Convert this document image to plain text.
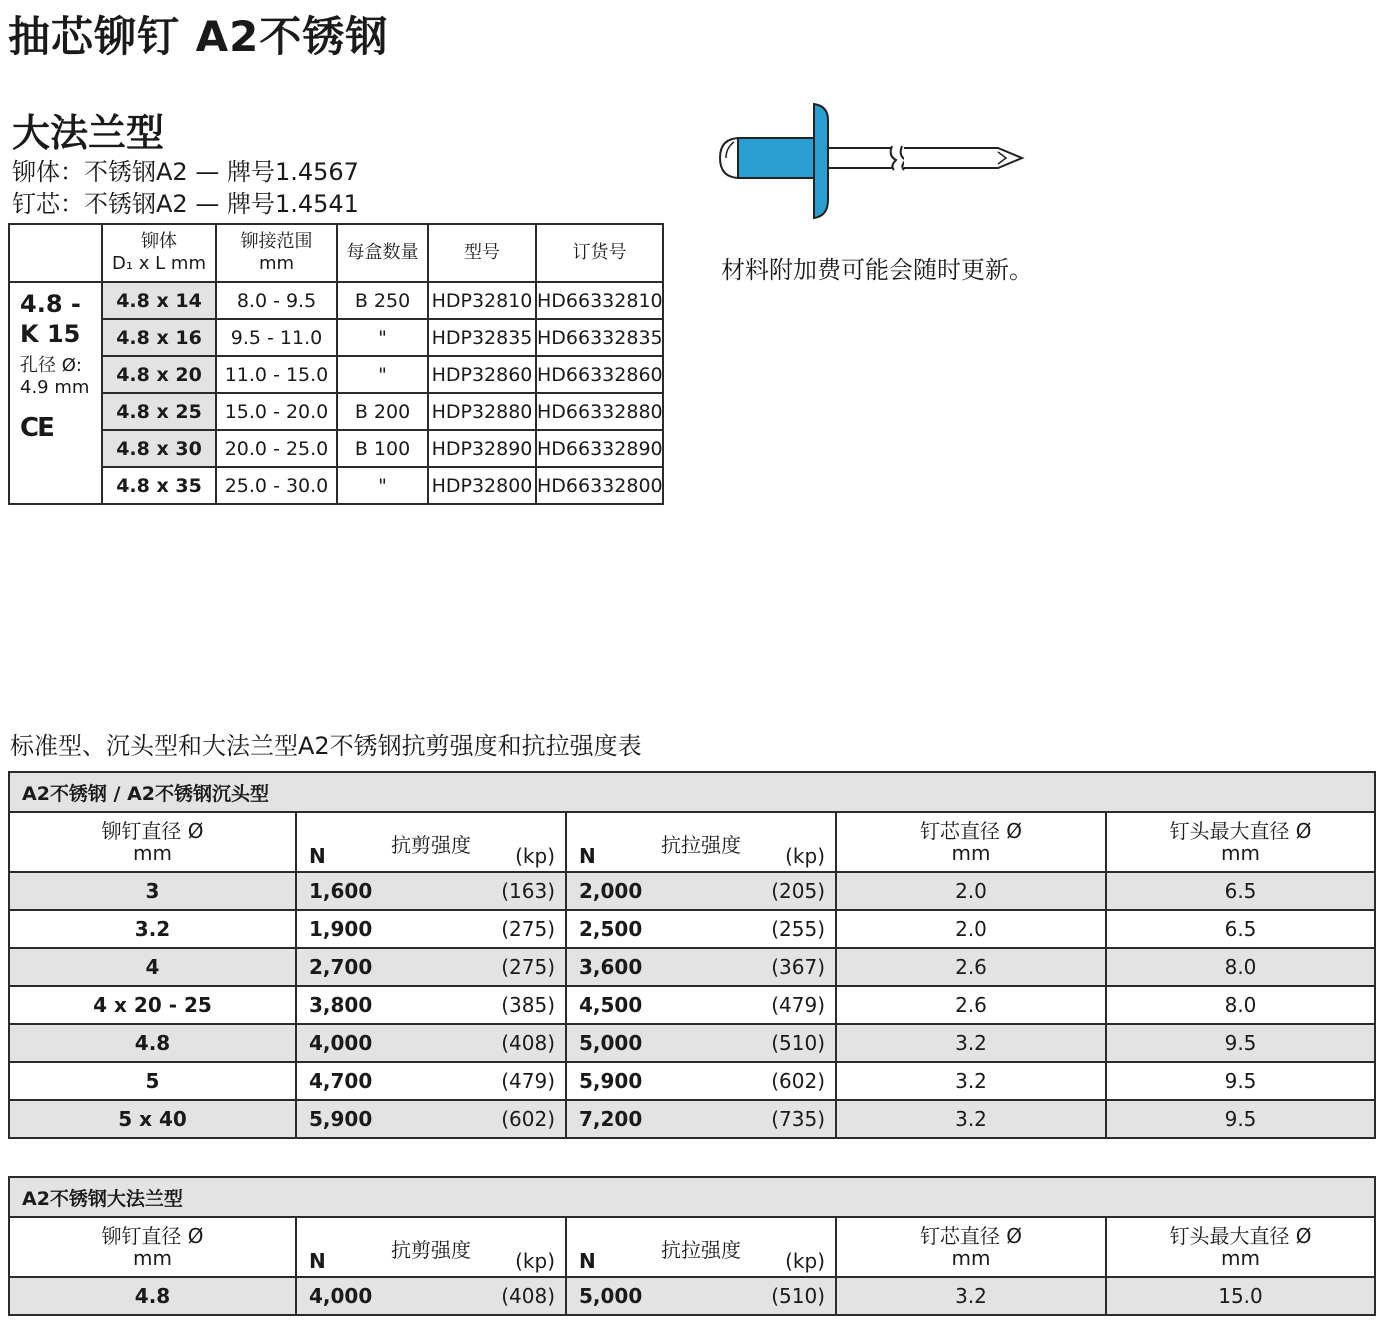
抽芯铆钉 A2不锈钢
大法兰型
铆体：不锈钢A2 — 牌号1.4567
钉芯：不锈钢A2 — 牌号1.4541
材料附加费可能会随时更新。

	铆体
D₁ x L mm	铆接范围
mm	每盒数量	型号	订货号

4.8 -
K 15
孔径 Ø:
4.9 mm
CE	4.8 x 14	8.0 - 9.5	B 250	HDP32810	HD66332810
	4.8 x 16	9.5 - 11.0	"	HDP32835	HD66332835
	4.8 x 20	11.0 - 15.0	"	HDP32860	HD66332860
	4.8 x 25	15.0 - 20.0	B 200	HDP32880	HD66332880
	4.8 x 30	20.0 - 25.0	B 100	HDP32890	HD66332890
	4.8 x 35	25.0 - 30.0	"	HDP32800	HD66332800
标准型、沉头型和大法兰型A2不锈钢抗剪强度和抗拉强度表
A2不锈钢 / A2不锈钢沉头型				

铆钉直径 Ø
mm	抗剪强度
N (kp)	抗拉强度
N (kp)	钉芯直径 Ø
mm	钉头最大直径 Ø
mm

3	1,600 (163)	2,000 (205)	2.0	6.5
3.2	1,900 (275)	2,500 (255)	2.0	6.5
4	2,700 (275)	3,600 (367)	2.6	8.0
4 x 20 - 25	3,800 (385)	4,500 (479)	2.6	8.0
4.8	4,000 (408)	5,000 (510)	3.2	9.5
5	4,700 (479)	5,900 (602)	3.2	9.5
5 x 40	5,900 (602)	7,200 (735)	3.2	9.5
A2不锈钢大法兰型				

铆钉直径 Ø
mm	抗剪强度
N (kp)	抗拉强度
N (kp)	钉芯直径 Ø
mm	钉头最大直径 Ø
mm

4.8	4,000 (408)	5,000 (510)	3.2	15.0
